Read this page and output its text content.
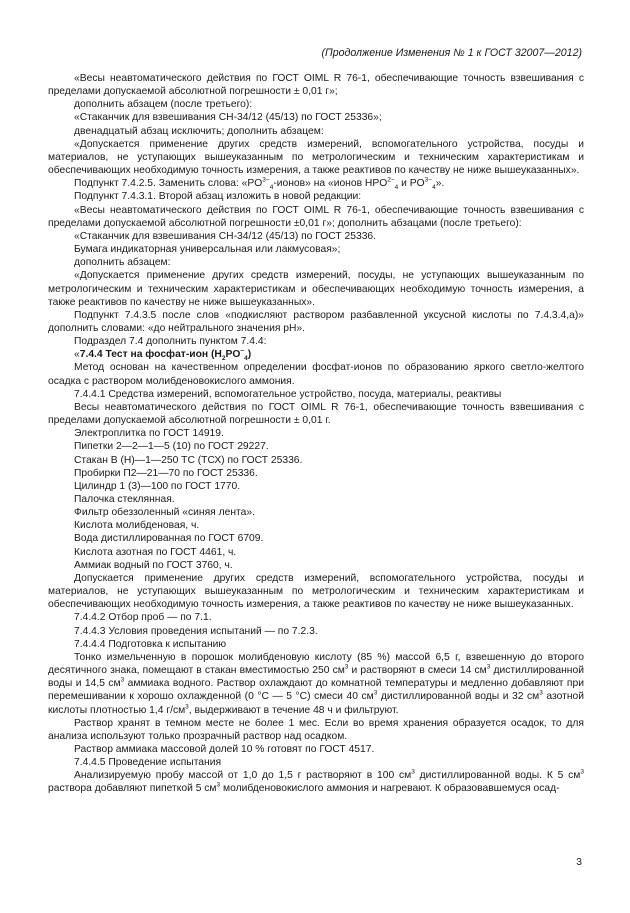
(Продолжение Изменения № 1 к ГОСТ 32007—2012)

«Весы неавтоматического действия по ГОСТ OIML R 76-1, обеспечивающие точность взвешивания с пределами допускаемой абсолютной погрешности ± 0,01 г»;

дополнить абзацем (после третьего):

«Стаканчик для взвешивания СН-34/12 (45/13) по ГОСТ 25336»;

двенадцатый абзац исключить; дополнить абзацем:

«Допускается применение других средств измерений, вспомогательного устройства, посуды и материалов, не уступающих вышеуказанным по метрологическим и техническим характеристикам и обеспечивающих необходимую точность измерения, а также реактивов по качеству не ниже вышеуказанных».

Подпункт 7.4.2.5. Заменить слова: «$PO^{3-}_4$-ионов» на «ионов $HPO^{2-}_4$ и $PO^{3-}_4$».

Подпункт 7.4.3.1. Второй абзац изложить в новой редакции:

«Весы неавтоматического действия по ГОСТ OIML R 76-1, обеспечивающие точность взвешивания с пределами допускаемой абсолютной погрешности ±0,01 г»; дополнить абзацами (после третьего):

«Стаканчик для взвешивания СН-34/12 (45/13) по ГОСТ 25336.

Бумага индикаторная универсальная или лакмусовая»;

дополнить абзацем:

«Допускается применение других средств измерений, посуды, не уступающих вышеуказанным по метрологическим и техническим характеристикам и обеспечивающих необходимую точность измерения, а также реактивов по качеству не ниже вышеуказанных».

Подпункт 7.4.3.5 после слов «подкисляют раствором разбавленной уксусной кислоты по 7.4.3.4,а)» дополнить словами: «до нейтрального значения pH».

Подраздел 7.4 дополнить пунктом 7.4.4:

«7.4.4 Тест на фосфат-ион $(H_2PO^-_4)$

Метод основан на качественном определении фосфат-ионов по образованию яркого светло-желтого осадка с раствором молибденовокислого аммония.

7.4.4.1 Средства измерений, вспомогательное устройство, посуда, материалы, реактивы

Весы неавтоматического действия по ГОСТ OIML R 76-1, обеспечивающие точность взвешивания с пределами допускаемой абсолютной погрешности ± 0,01 г.

Электроплитка по ГОСТ 14919.

Пипетки 2—2—1—5 (10) по ГОСТ 29227.

Стакан В (Н)—1—250 ТС (ТСХ) по ГОСТ 25336.

Пробирки П2—21—70 по ГОСТ 25336.

Цилиндр 1 (3)—100 по ГОСТ 1770.

Палочка стеклянная.

Фильтр обеззоленный «синяя лента».

Кислота молибденовая, ч.

Вода дистиллированная по ГОСТ 6709.

Кислота азотная по ГОСТ 4461, ч.

Аммиак водный по ГОСТ 3760, ч.

Допускается применение других средств измерений, вспомогательного устройства, посуды и материалов, не уступающих вышеуказанным по метрологическим и техническим характеристикам и обеспечивающих необходимую точность измерения, а также реактивов по качеству не ниже вышеуказанных.

7.4.4.2 Отбор проб — по 7.1.

7.4.4.3 Условия проведения испытаний — по 7.2.3.

7.4.4.4 Подготовка к испытанию

Тонко измельченную в порошок молибденовую кислоту (85 %) массой 6,5 г, взвешенную до второго десятичного знака, помещают в стакан вместимостью 250 $см^3$ и растворяют в смеси 14 $см^3$ дистиллированной воды и 14,5 $см^3$ аммиака водного. Раствор охлаждают до комнатной температуры и медленно добавляют при перемешивании к хорошо охлажденной (0 °С — 5 °С) смеси 40 $см^3$ дистиллированной воды и 32 $см^3$ азотной кислоты плотностью 1,4 $г/см^3$, выдерживают в течение 48 ч и фильтруют.

Раствор хранят в темном месте не более 1 мес. Если во время хранения образуется осадок, то для анализа используют только прозрачный раствор над осадком.

Раствор аммиака массовой долей 10 % готовят по ГОСТ 4517.

7.4.4.5 Проведение испытания

Анализируемую пробу массой от 1,0 до 1,5 г растворяют в 100 $см^3$ дистиллированной воды. К 5 $см^3$ раствора добавляют пипеткой 5 $см^3$ молибденовокислого аммония и нагревают. К образовавшемуся осад-

3
